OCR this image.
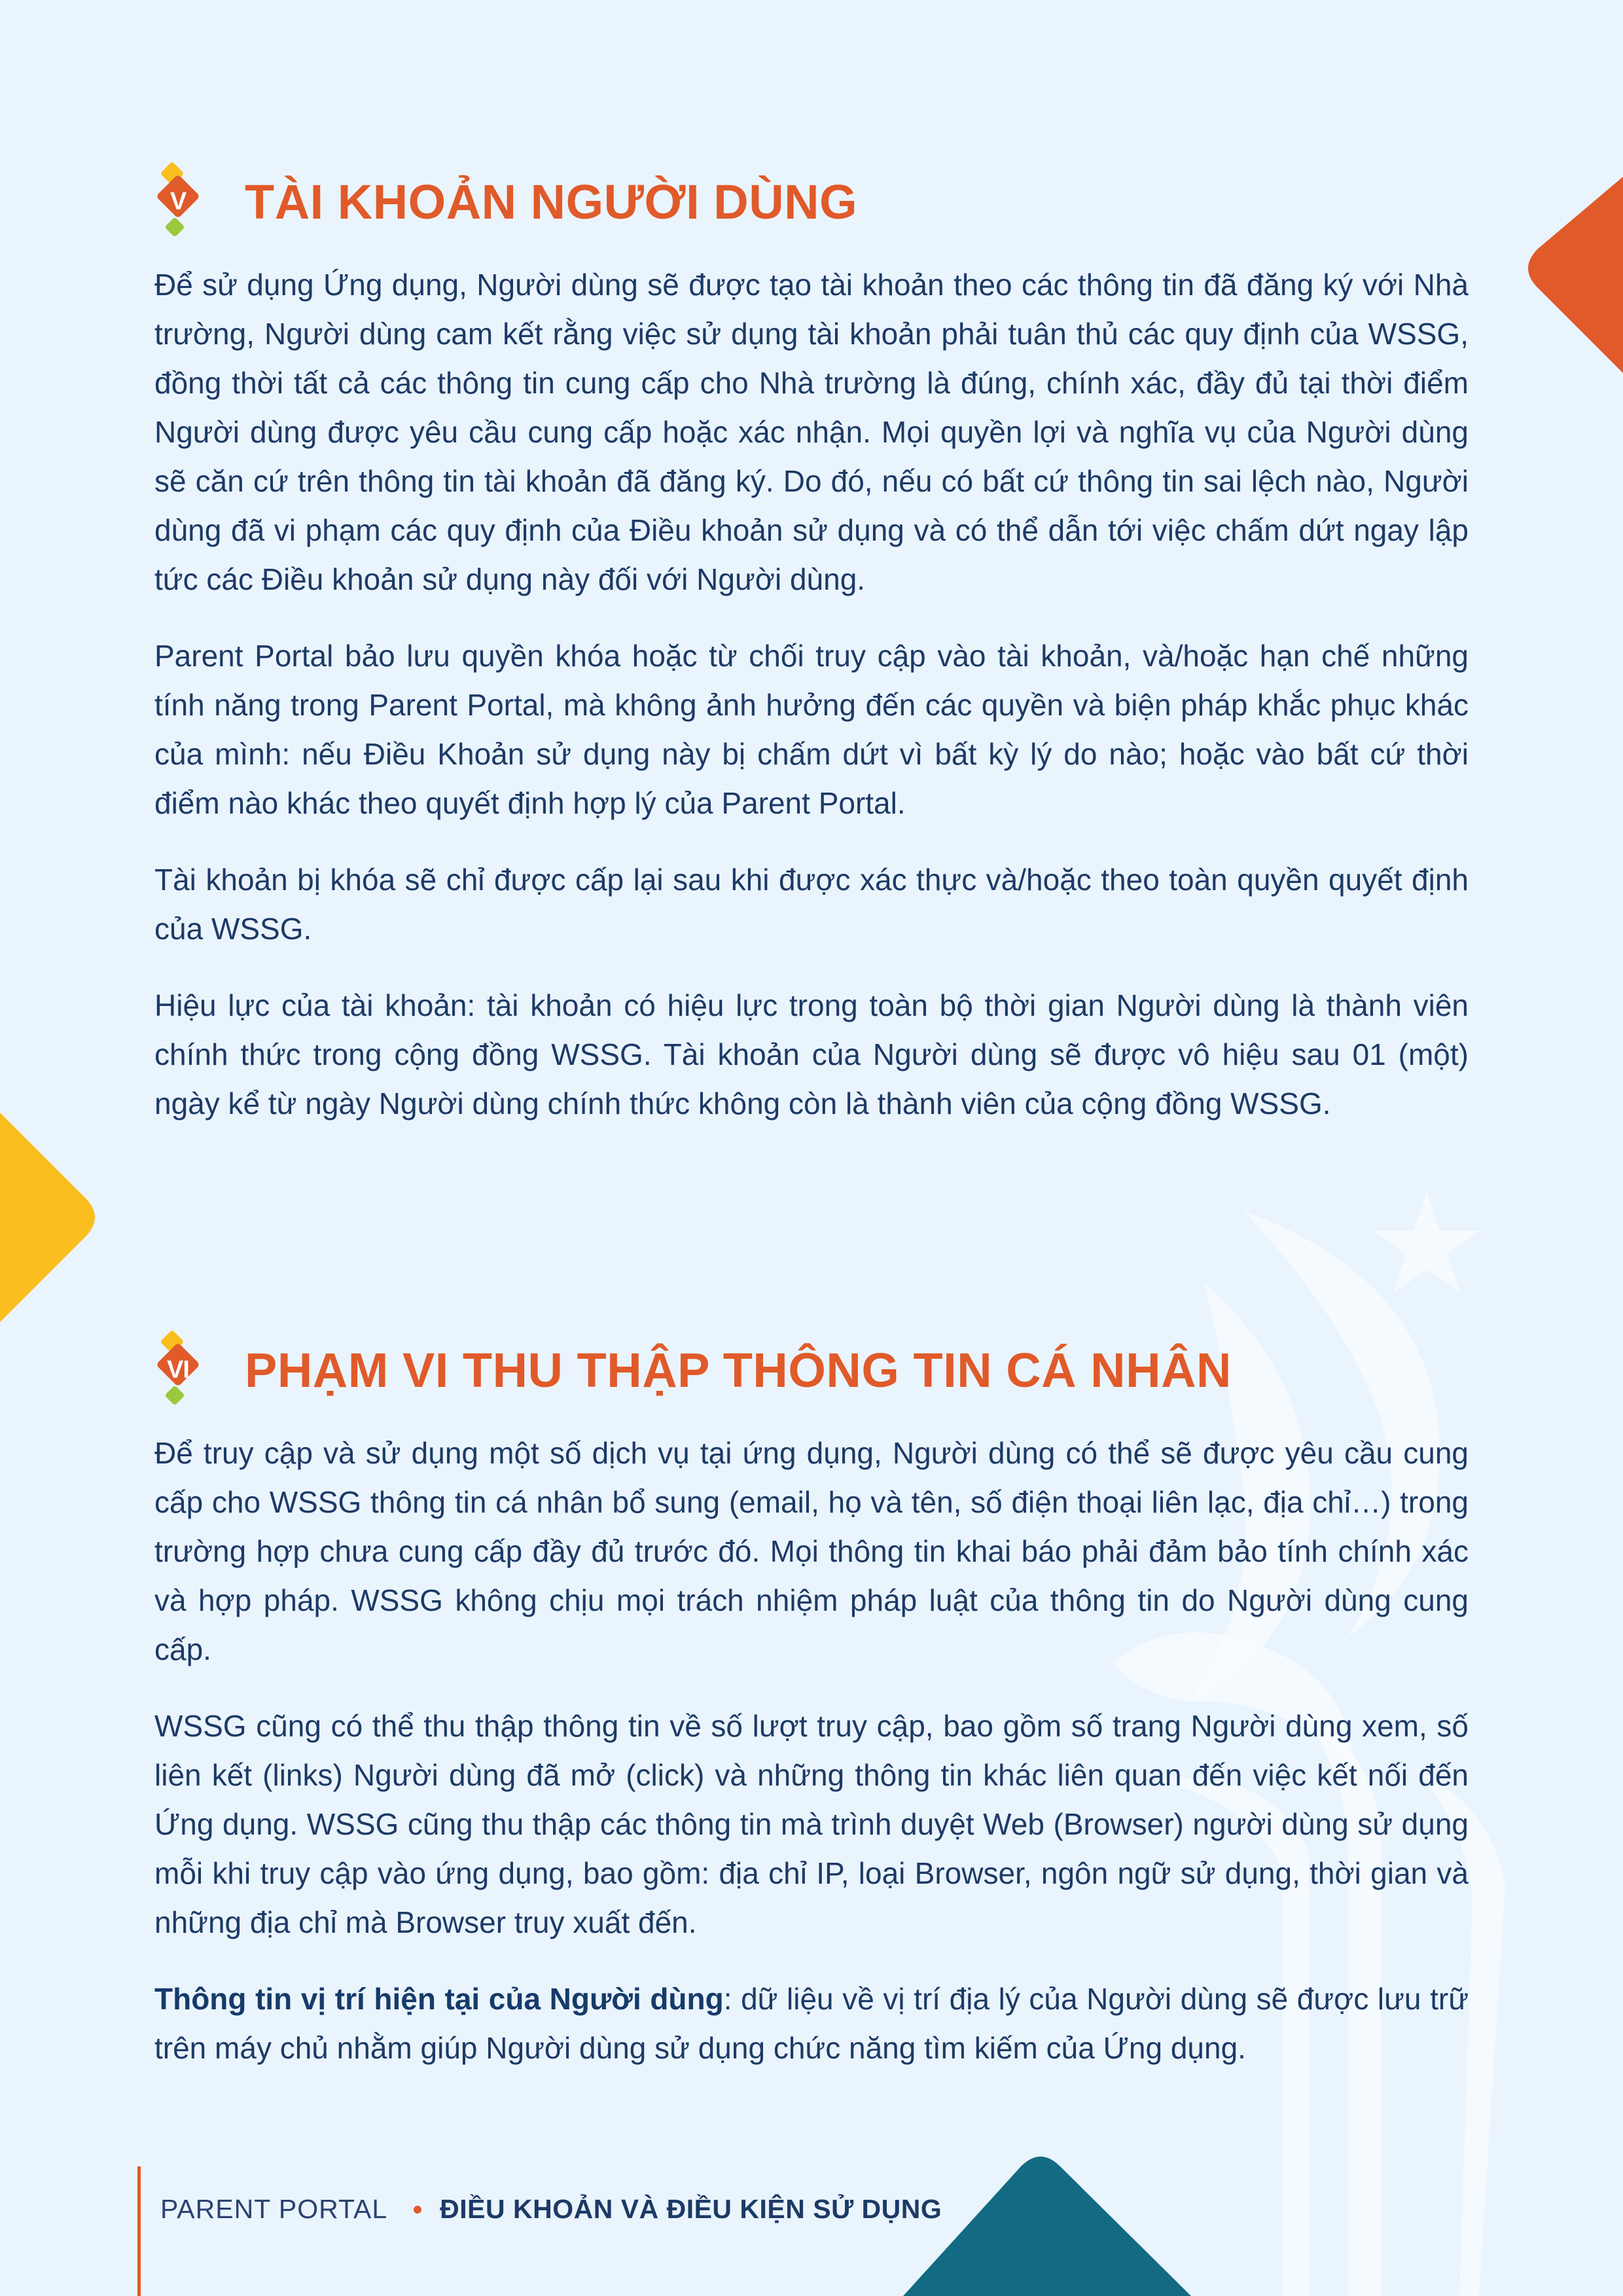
V	TÀI KHOẢN NGƯỜI DÙNG

Để sử dụng Ứng dụng, Người dùng sẽ được tạo tài khoản theo các thông tin đã đăng ký với Nhà trường, Người dùng cam kết rằng việc sử dụng tài khoản phải tuân thủ các quy định của WSSG, đồng thời tất cả các thông tin cung cấp cho Nhà trường là đúng, chính xác, đầy đủ tại thời điểm Người dùng được yêu cầu cung cấp hoặc xác nhận. Mọi quyền lợi và nghĩa vụ của Người dùng sẽ căn cứ trên thông tin tài khoản đã đăng ký. Do đó, nếu có bất cứ thông tin sai lệch nào, Người dùng đã vi phạm các quy định của Điều khoản sử dụng và có thể dẫn tới việc chấm dứt ngay lập tức các Điều khoản sử dụng này đối với Người dùng.

Parent Portal bảo lưu quyền khóa hoặc từ chối truy cập vào tài khoản, và/hoặc hạn chế những tính năng trong Parent Portal, mà không ảnh hưởng đến các quyền và biện pháp khắc phục khác của mình: nếu Điều Khoản sử dụng này bị chấm dứt vì bất kỳ lý do nào; hoặc vào bất cứ thời điểm nào khác theo quyết định hợp lý của Parent Portal.

Tài khoản bị khóa sẽ chỉ được cấp lại sau khi được xác thực và/hoặc theo toàn quyền quyết định của WSSG.

Hiệu lực của tài khoản: tài khoản có hiệu lực trong toàn bộ thời gian Người dùng là thành viên chính thức trong cộng đồng WSSG. Tài khoản của Người dùng sẽ được vô hiệu sau 01 (một) ngày kể từ ngày Người dùng chính thức không còn là thành viên của cộng đồng WSSG.

VI PHẠM VI THU THẬP THÔNG TIN CÁ NHÂN

Để truy cập và sử dụng một số dịch vụ tại ứng dụng, Người dùng có thể sẽ được yêu cầu cung cấp cho WSSG thông tin cá nhân bổ sung (email, họ và tên, số điện thoại liên lạc, địa chỉ…) trong trường hợp chưa cung cấp đầy đủ trước đó. Mọi thông tin khai báo phải đảm bảo tính chính xác và hợp pháp. WSSG không chịu mọi trách nhiệm pháp luật của thông tin do Người dùng cung cấp.

WSSG cũng có thể thu thập thông tin về số lượt truy cập, bao gồm số trang Người dùng xem, số liên kết (links) Người dùng đã mở (click) và những thông tin khác liên quan đến việc kết nối đến Ứng dụng. WSSG cũng thu thập các thông tin mà trình duyệt Web (Browser) người dùng sử dụng mỗi khi truy cập vào ứng dụng, bao gồm: địa chỉ IP, loại Browser, ngôn ngữ sử dụng, thời gian và những địa chỉ mà Browser truy xuất đến.

Thông tin vị trí hiện tại của Người dùng: dữ liệu về vị trí địa lý của Người dùng sẽ được lưu trữ trên máy chủ nhằm giúp Người dùng sử dụng chức năng tìm kiếm của Ứng dụng.

PARENT PORTAL ĐIỀU KHOẢN VÀ ĐIỀU KIỆN SỬ DỤNG
